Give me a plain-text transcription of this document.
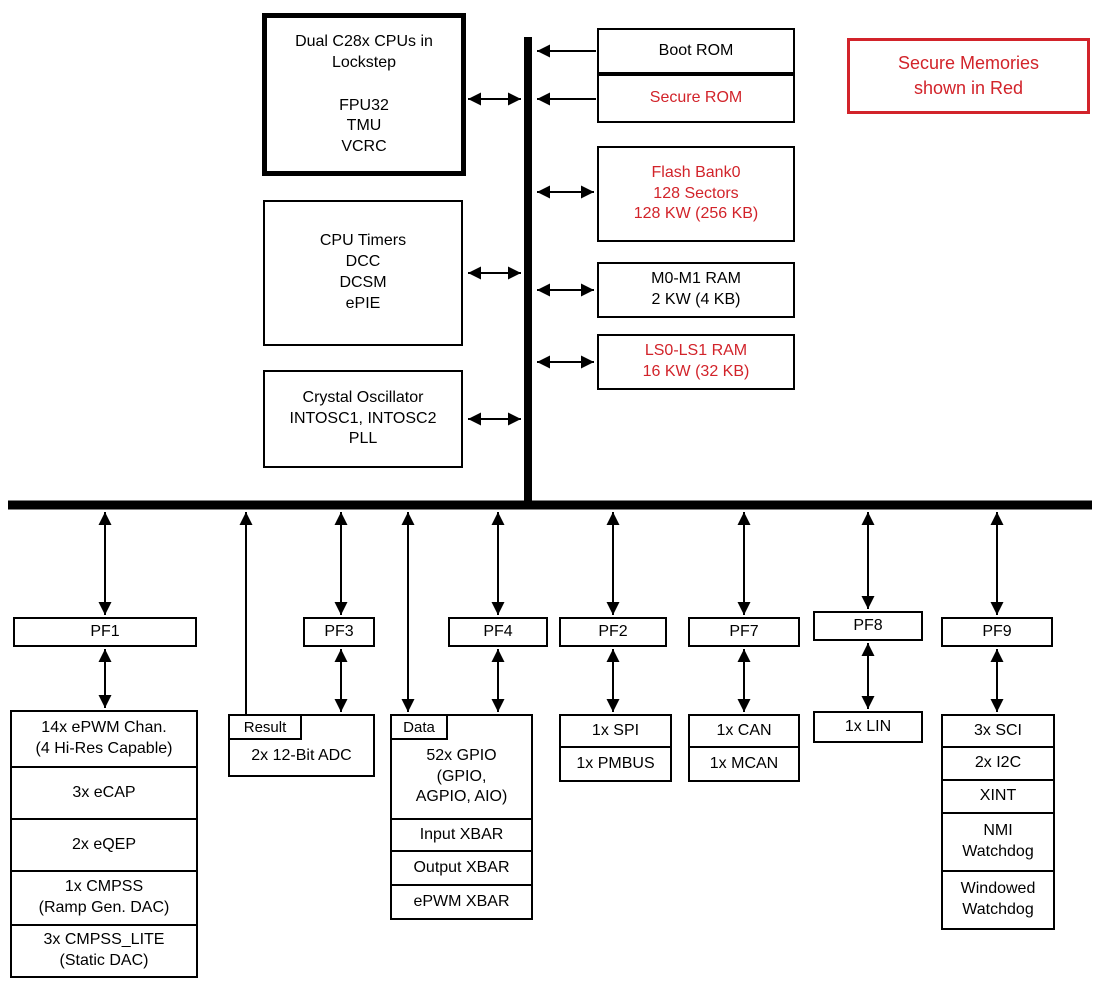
Dual C28x CPUs in
Lockstep
FPU32
TMU
VCRC
CPU Timers
DCC
DCSM
ePIE
Crystal Oscillator
INTOSC1, INTOSC2
PLL
Boot ROM
Secure ROM
Flash Bank0
128 Sectors
128 KW (256 KB)
M0-M1 RAM
2 KW (4 KB)
LS0-LS1 RAM
16 KW (32 KB)
Secure Memories
shown in Red
PF1	PF3	PF4	PF2	PF7	PF8	PF9
14x ePWM Chan.
(4 Hi-Res Capable)
3x eCAP
2x eQEP
1x CMPSS
(Ramp Gen. DAC)
3x CMPSS_LITE
(Static DAC)
2x 12-Bit ADC
Result
52x GPIO
(GPIO,
AGPIO, AIO)
Data
Input XBAR
Output XBAR
ePWM XBAR
1x SPI
1x PMBUS
1x CAN
1x MCAN
1x LIN	3x SCI
2x I2C
XINT
NMI
Watchdog
Windowed
Watchdog
